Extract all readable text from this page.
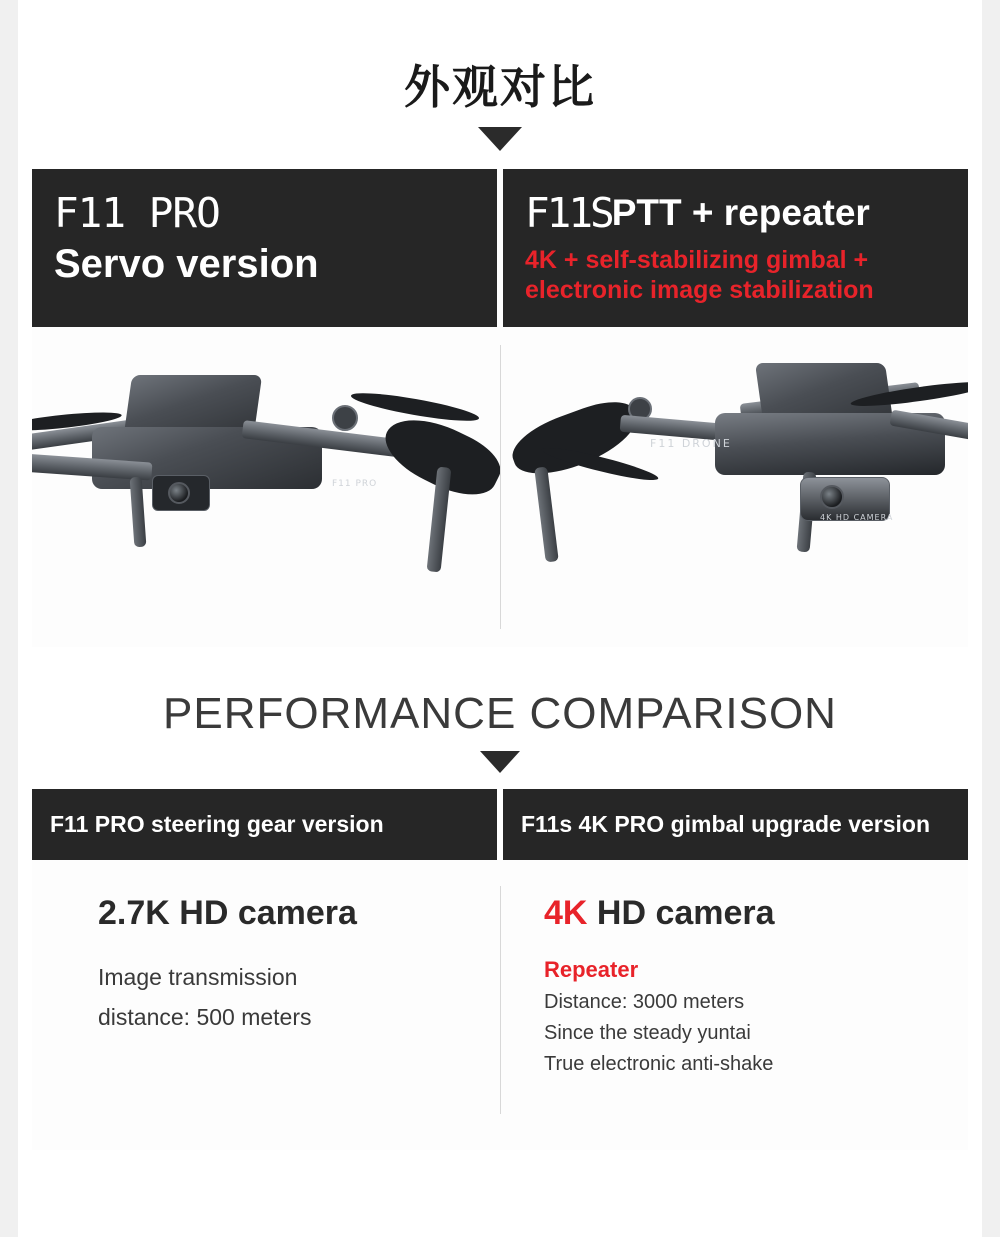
外观对比
F11 PRO
Servo version
F11SPTT + repeater
4K + self-stabilizing gimbal +
electronic image stabilization
F11 PRO
4K HD CAMERA
F11 DRONE
PERFORMANCE COMPARISON
F11 PRO steering gear version	F11s 4K PRO gimbal upgrade version
2.7K HD camera
Image transmission
distance: 500 meters
4K HD camera
Repeater
Distance: 3000 meters
Since the steady yuntai
True electronic anti-shake
